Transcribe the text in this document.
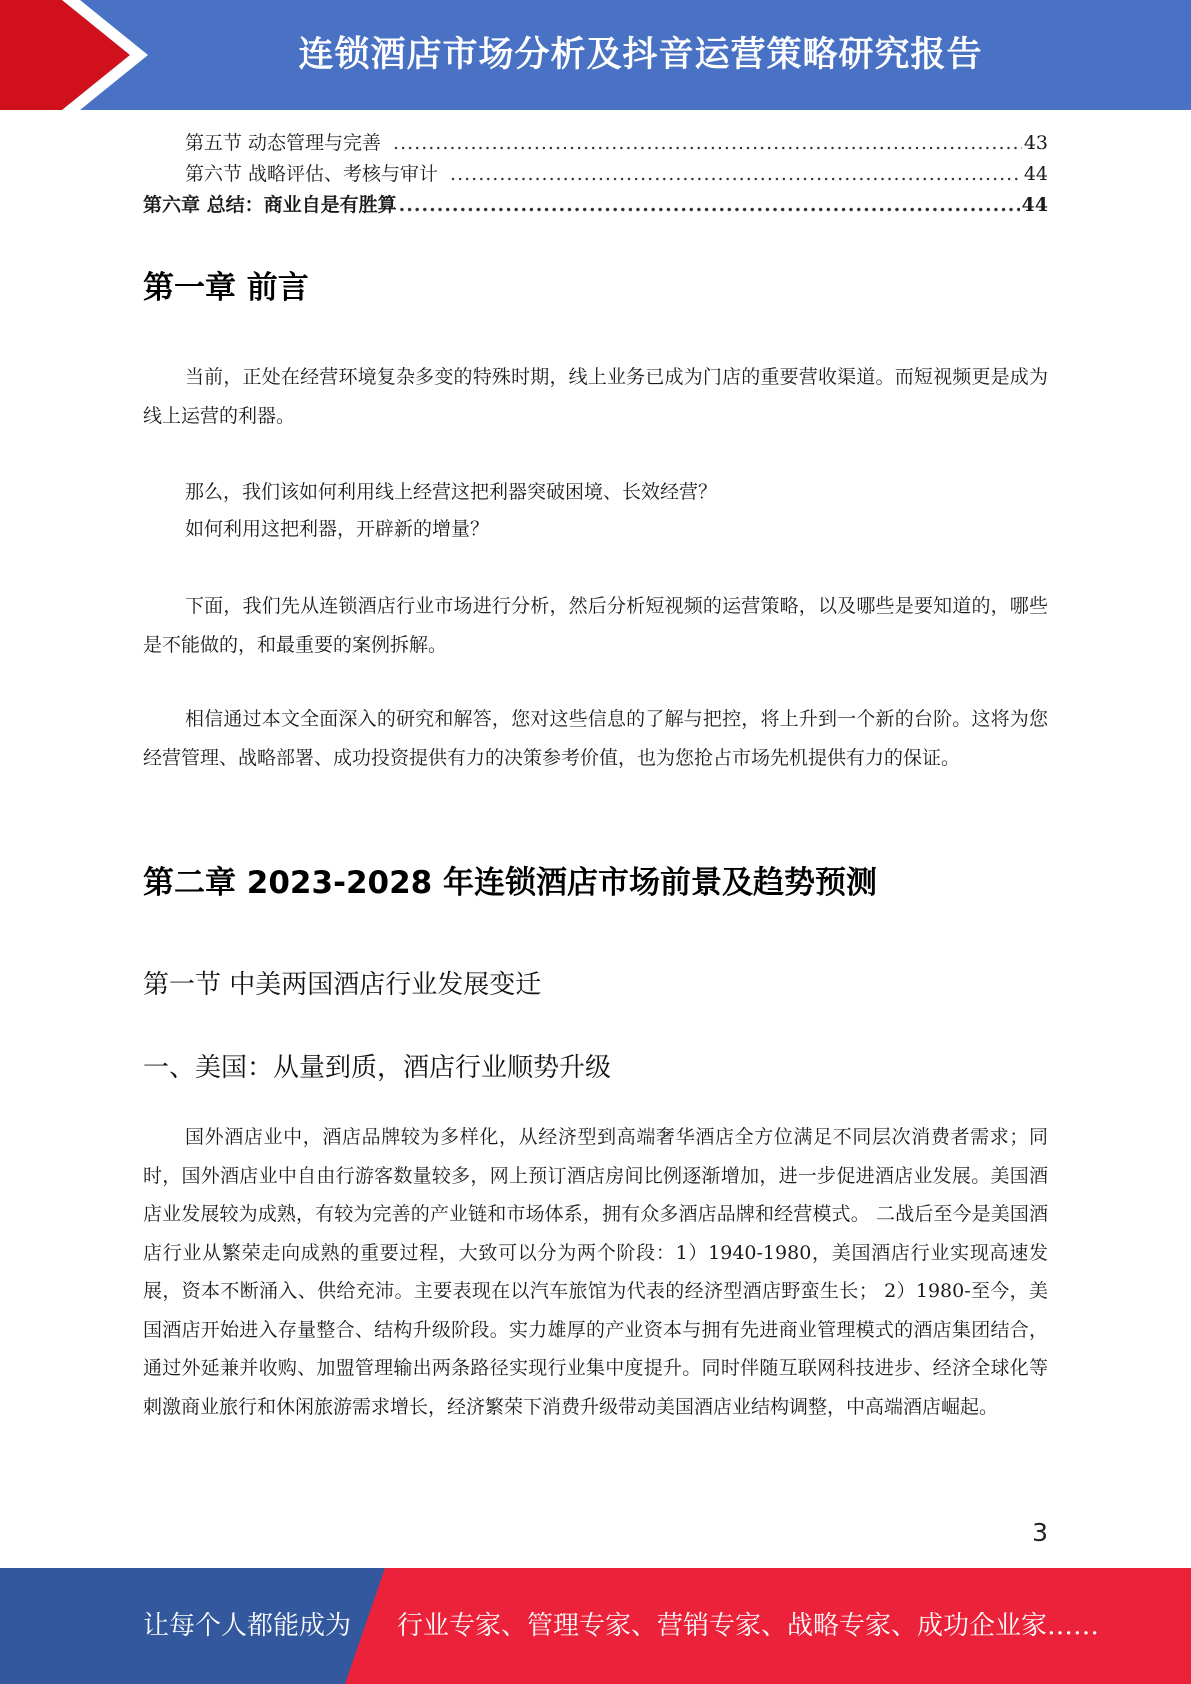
连锁酒店市场分析及抖音运营策略研究报告
第五节 动态管理与完善 .....	43
第六节 战略评估、考核与审计 .....	44
第六章 总结：商业自是有胜算 .....	44
第一章 前言

当前，正处在经营环境复杂多变的特殊时期，线上业务已成为门店的重要营收渠道。而短视频更是成为线上运营的利器。

那么，我们该如何利用线上经营这把利器突破困境、长效经营？

如何利用这把利器，开辟新的增量？

下面，我们先从连锁酒店行业市场进行分析，然后分析短视频的运营策略，以及哪些是要知道的，哪些是不能做的，和最重要的案例拆解。

相信通过本文全面深入的研究和解答，您对这些信息的了解与把控，将上升到一个新的台阶。这将为您经营管理、战略部署、成功投资提供有力的决策参考价值，也为您抢占市场先机提供有力的保证。

第二章 2023-2028 年连锁酒店市场前景及趋势预测
第一节 中美两国酒店行业发展变迁
一、美国：从量到质，酒店行业顺势升级

国外酒店业中，酒店品牌较为多样化，从经济型到高端奢华酒店全方位满足不同层次消费者需求；同时，国外酒店业中自由行游客数量较多，网上预订酒店房间比例逐渐增加，进一步促进酒店业发展。美国酒店业发展较为成熟，有较为完善的产业链和市场体系，拥有众多酒店品牌和经营模式。 二战后至今是美国酒店行业从繁荣走向成熟的重要过程，大致可以分为两个阶段：1）1940-1980，美国酒店行业实现高速发展，资本不断涌入、供给充沛。主要表现在以汽车旅馆为代表的经济型酒店野蛮生长； 2）1980-至今，美国酒店开始进入存量整合、结构升级阶段。实力雄厚的产业资本与拥有先进商业管理模式的酒店集团结合，通过外延兼并收购、加盟管理输出两条路径实现行业集中度提升。同时伴随互联网科技进步、经济全球化等刺激商业旅行和休闲旅游需求增长，经济繁荣下消费升级带动美国酒店业结构调整，中高端酒店崛起。

3
让每个人都能成为 行业专家、管理专家、营销专家、战略专家、成功企业家……
